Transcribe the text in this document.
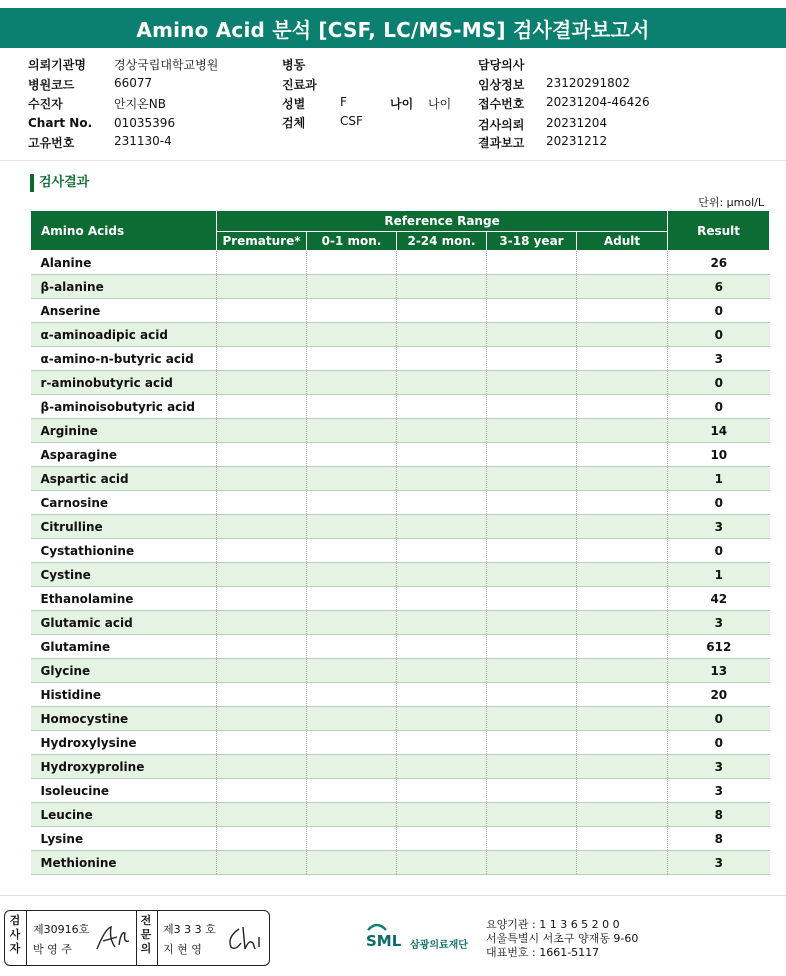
Amino Acid 분석 [CSF, LC/MS-MS] 검사결과보고서
의뢰기관명 경상국립대학교병원
병원코드	66077
수진자	안지온NB
Chart No. 01035396
고유번호	231130-4
병동
진료과
성별	F	나이 나이
검체	CSF
담당의사
임상정보 23120291802
접수번호 20231204-46426
검사의뢰 20231204
결과보고 20231212
검사결과
단위: μmol/L
Amino Acids	Reference Range					Result
	Premature*	0-1 mon.	2-24 mon.	3-18 year	Adult	
Alanine						26
β-alanine						6
Anserine						0
α-aminoadipic acid						0
α-amino-n-butyric acid						3
r-aminobutyric acid						0
β-aminoisobutyric acid						0
Arginine						14
Asparagine						10
Aspartic acid						1
Carnosine						0
Citrulline						3
Cystathionine						0
Cystine						1
Ethanolamine						42
Glutamic acid						3
Glutamine						612
Glycine						13
Histidine						20
Homocystine						0
Hydroxylysine						0
Hydroxyproline						3
Isoleucine						3
Leucine						8
Lysine						8
Methionine						3
검사자
제30916호
박 영 주
전문의
제3 3 3 호
지 현 영	SML 삼광의료재단
요양기관 : 1 1 3 6 5 2 0 0
서울특별시 서초구 양재동 9-60
대표번호 : 1661-5117
